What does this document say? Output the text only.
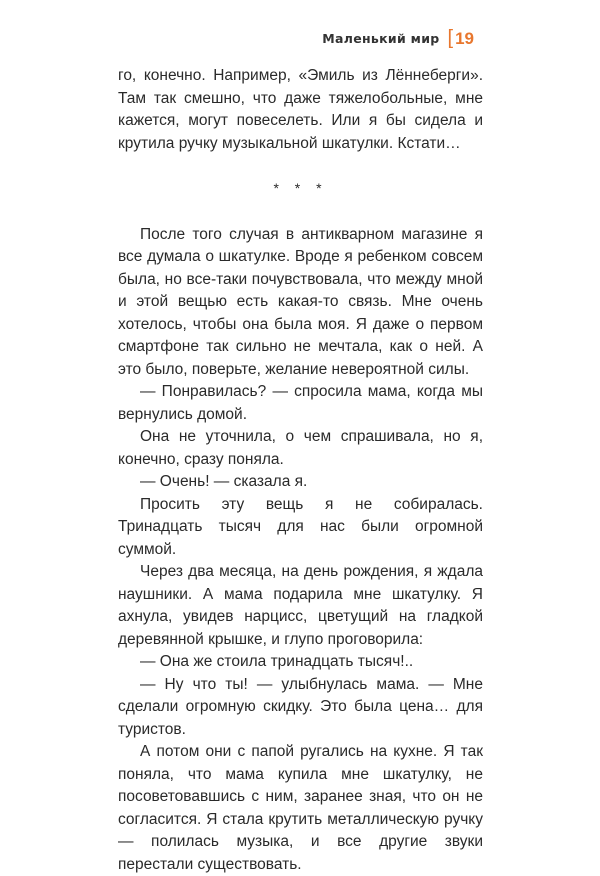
Маленький мир [ 19

го, конечно. Например, «Эмиль из Лённеберги». Там так смешно, что даже тяжелобольные, мне кажется, могут повеселеть. Или я бы сидела и крутила ручку музыкальной шкатулки. Кстати…

* * *

После того случая в антикварном магазине я все думала о шкатулке. Вроде я ребенком совсем была, но все-таки почувствовала, что между мной и этой вещью есть какая-то связь. Мне очень хотелось, чтобы она была моя. Я даже о первом смартфоне так сильно не мечтала, как о ней. А это было, поверьте, желание невероятной силы.

— Понравилась? — спросила мама, когда мы вернулись домой.

Она не уточнила, о чем спрашивала, но я, конечно, сразу поняла.

— Очень! — сказала я.

Просить эту вещь я не собиралась. Тринадцать тысяч для нас были огромной суммой.

Через два месяца, на день рождения, я ждала наушники. А мама подарила мне шкатулку. Я ахнула, увидев нарцисс, цветущий на гладкой деревянной крышке, и глупо проговорила:

— Она же стоила тринадцать тысяч!..

— Ну что ты! — улыбнулась мама. — Мне сделали огромную скидку. Это была цена… для туристов.

А потом они с папой ругались на кухне. Я так поняла, что мама купила мне шкатулку, не посоветовавшись с ним, заранее зная, что он не согласится. Я стала крутить металлическую ручку — полилась музыка, и все другие звуки перестали существовать.
